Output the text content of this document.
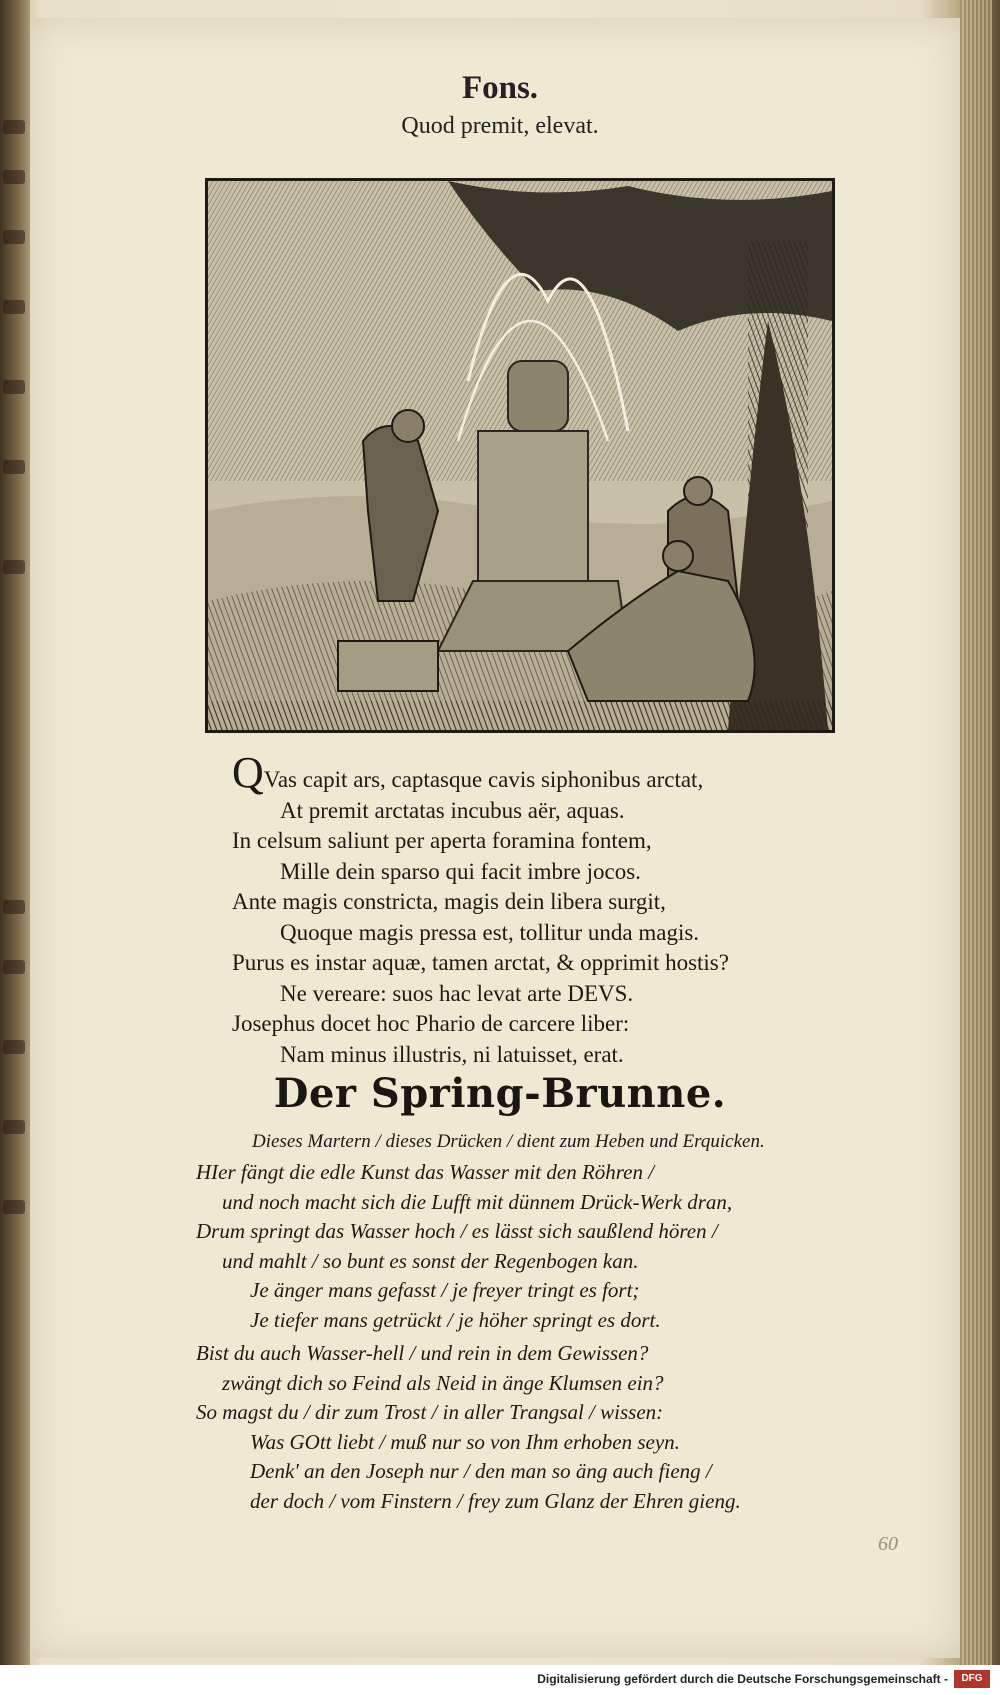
Fons.
Quod premit, elevat.
QVas capit ars, captasque cavis siphonibus arctat,
At premit arctatas incubus aër, aquas.
In celsum saliunt per aperta foramina fontem,
Mille dein sparso qui facit imbre jocos.
Ante magis constricta, magis dein libera surgit,
Quoque magis pressa est, tollitur unda magis.
Purus es instar aquæ, tamen arctat, & opprimit hostis?
Ne vereare: suos hac levat arte DEVS.
Josephus docet hoc Phario de carcere liber:
Nam minus illustris, ni latuisset, erat.
Der Spring-Brunne.
Dieses Martern / dieses Drücken / dient zum Heben und Erquicken.
HIer fängt die edle Kunst das Wasser mit den Röhren /
und noch macht sich die Lufft mit dünnem Drück-Werk dran,
Drum springt das Wasser hoch / es lässt sich saußlend hören /
und mahlt / so bunt es sonst der Regenbogen kan.
Je änger mans gefasst / je freyer tringt es fort;
Je tiefer mans getrückt / je höher springt es dort.
Bist du auch Wasser-hell / und rein in dem Gewissen?
zwängt dich so Feind als Neid in änge Klumsen ein?
So magst du / dir zum Trost / in aller Trangsal / wissen:
Was GOtt liebt / muß nur so von Ihm erhoben seyn.
Denk' an den Joseph nur / den man so äng auch fieng /
der doch / vom Finstern / frey zum Glanz der Ehren gieng.
60
Digitalisierung gefördert durch die Deutsche Forschungsgemeinschaft -	DFG
